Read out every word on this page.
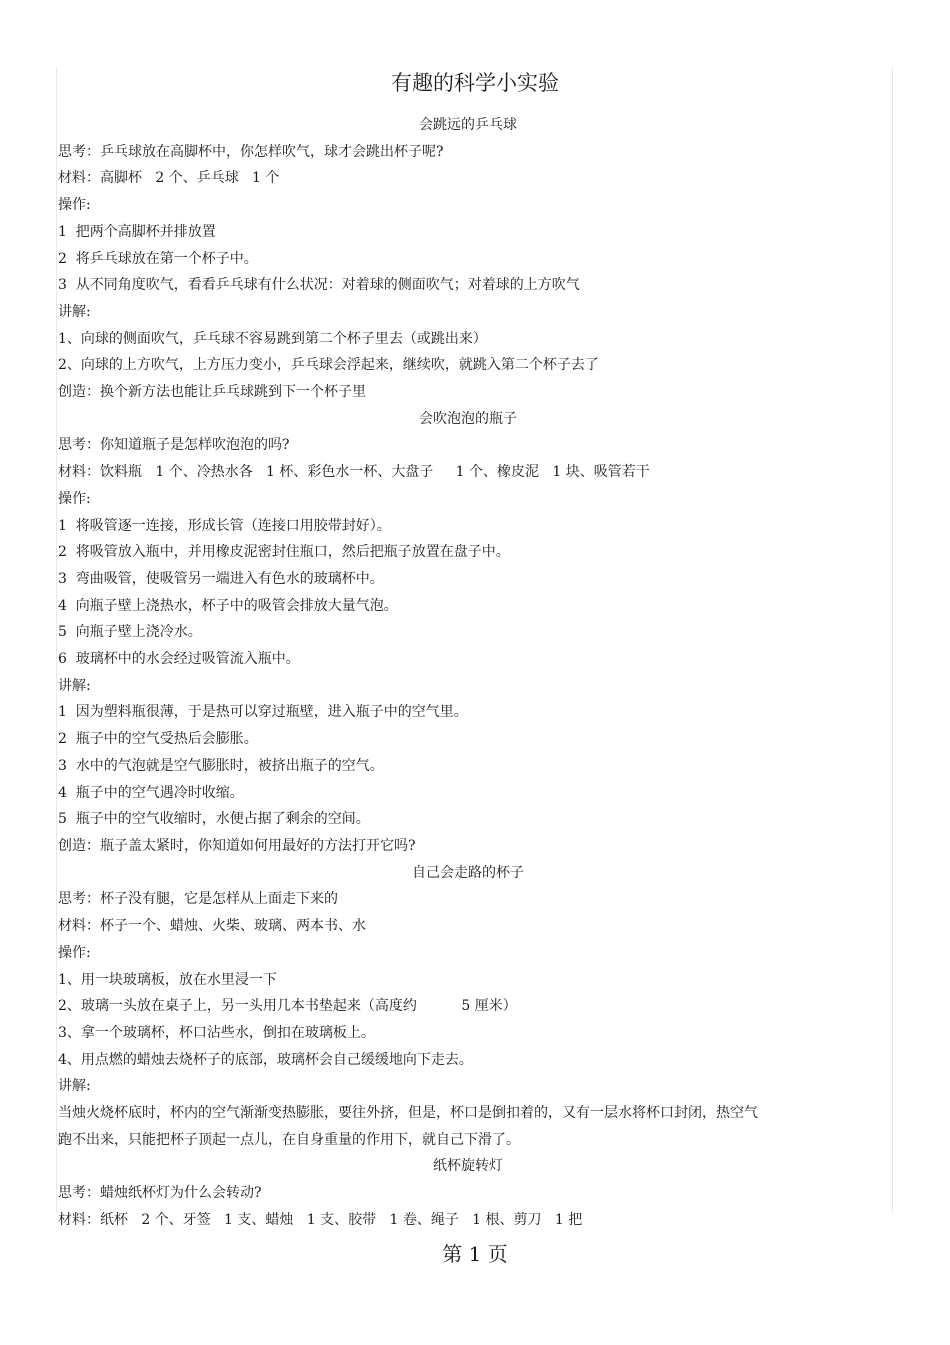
有趣的科学小实验
会跳远的乒乓球
思考：乒乓球放在高脚杯中，你怎样吹气，球才会跳出杯子呢?
材料：高脚杯   2 个、乒乓球   1 个
操作:
1  把两个高脚杯并排放置
2  将乒乓球放在第一个杯子中。
3  从不同角度吹气，看看乒乓球有什么状况：对着球的侧面吹气；对着球的上方吹气
讲解:
1、向球的侧面吹气，乒乓球不容易跳到第二个杯子里去（或跳出来）
2、向球的上方吹气，上方压力变小，乒乓球会浮起来，继续吹，就跳入第二个杯子去了
创造：换个新方法也能让乒乓球跳到下一个杯子里
会吹泡泡的瓶子
思考：你知道瓶子是怎样吹泡泡的吗?
材料：饮料瓶   1 个、冷热水各   1 杯、彩色水一杯、大盘子     1 个、橡皮泥   1 块、吸管若干
操作:
1  将吸管逐一连接，形成长管（连接口用胶带封好）。
2  将吸管放入瓶中，并用橡皮泥密封住瓶口，然后把瓶子放置在盘子中。
3  弯曲吸管，使吸管另一端进入有色水的玻璃杯中。
4  向瓶子壁上浇热水，杯子中的吸管会排放大量气泡。
5  向瓶子壁上浇冷水。
6  玻璃杯中的水会经过吸管流入瓶中。
讲解:
1  因为塑料瓶很薄，于是热可以穿过瓶壁，进入瓶子中的空气里。
2  瓶子中的空气受热后会膨胀。
3  水中的气泡就是空气膨胀时，被挤出瓶子的空气。
4  瓶子中的空气遇冷时收缩。
5  瓶子中的空气收缩时，水便占据了剩余的空间。
创造：瓶子盖太紧时，你知道如何用最好的方法打开它吗?
自己会走路的杯子
思考：杯子没有腿，它是怎样从上面走下来的
材料：杯子一个、蜡烛、火柴、玻璃、两本书、水
操作:
1、用一块玻璃板，放在水里浸一下
2、玻璃一头放在桌子上，另一头用几本书垫起来（高度约          5 厘米）
3、拿一个玻璃杯，杯口沾些水，倒扣在玻璃板上。
4、用点燃的蜡烛去烧杯子的底部，玻璃杯会自己缓缓地向下走去。
讲解:
当烛火烧杯底时，杯内的空气渐渐变热膨胀，要往外挤，但是，杯口是倒扣着的，又有一层水将杯口封闭，热空气
跑不出来，只能把杯子顶起一点儿，在自身重量的作用下，就自己下滑了。
纸杯旋转灯
思考：蜡烛纸杯灯为什么会转动?
材料：纸杯   2 个、牙签   1 支、蜡烛   1 支、胶带   1 卷、绳子   1 根、剪刀   1 把
第 1 页
